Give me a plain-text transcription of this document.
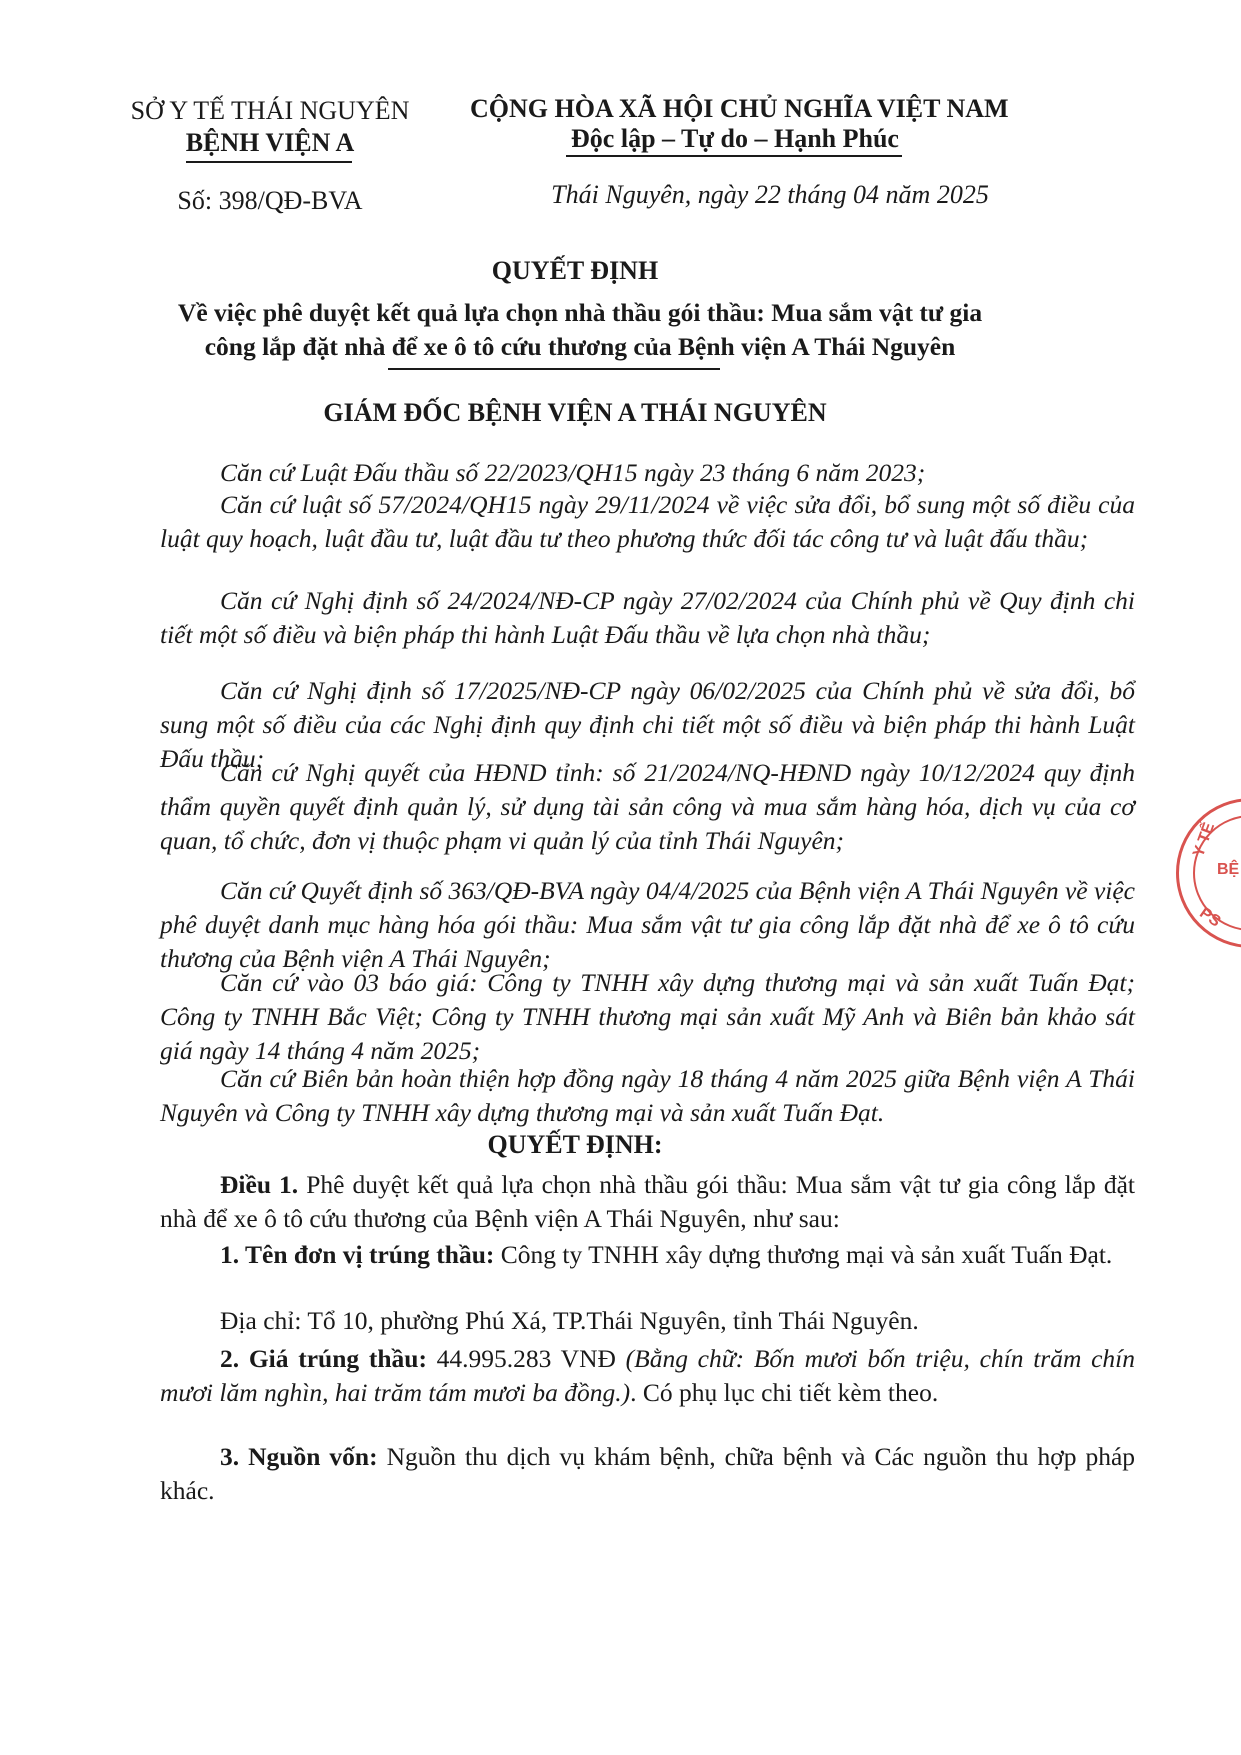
SỞ Y TẾ THÁI NGUYÊN
BỆNH VIỆN A
Số: 398/QĐ-BVA
CỘNG HÒA XÃ HỘI CHỦ NGHĨA VIỆT NAM
Độc lập – Tự do – Hạnh Phúc
Thái Nguyên, ngày 22 tháng 04 năm 2025
QUYẾT ĐỊNH
Về việc phê duyệt kết quả lựa chọn nhà thầu gói thầu: Mua sắm vật tư gia
công lắp đặt nhà để xe ô tô cứu thương của Bệnh viện A Thái Nguyên
GIÁM ĐỐC BỆNH VIỆN A THÁI NGUYÊN
Căn cứ Luật Đấu thầu số 22/2023/QH15 ngày 23 tháng 6 năm 2023;
Căn cứ luật số 57/2024/QH15 ngày 29/11/2024 về việc sửa đổi, bổ sung một số điều của luật quy hoạch, luật đầu tư, luật đầu tư theo phương thức đối tác công tư và luật đấu thầu;
Căn cứ Nghị định số 24/2024/NĐ-CP ngày 27/02/2024 của Chính phủ về Quy định chi tiết một số điều và biện pháp thi hành Luật Đấu thầu về lựa chọn nhà thầu;
Căn cứ Nghị định số 17/2025/NĐ-CP ngày 06/02/2025 của Chính phủ về sửa đổi, bổ sung một số điều của các Nghị định quy định chi tiết một số điều và biện pháp thi hành Luật Đấu thầu;
Căn cứ Nghị quyết của HĐND tỉnh: số 21/2024/NQ-HĐND ngày 10/12/2024 quy định thẩm quyền quyết định quản lý, sử dụng tài sản công và mua sắm hàng hóa, dịch vụ của cơ quan, tổ chức, đơn vị thuộc phạm vi quản lý của tỉnh Thái Nguyên;
Căn cứ Quyết định số 363/QĐ-BVA ngày 04/4/2025 của Bệnh viện A Thái Nguyên về việc phê duyệt danh mục hàng hóa gói thầu: Mua sắm vật tư gia công lắp đặt nhà để xe ô tô cứu thương của Bệnh viện A Thái Nguyên;
Căn cứ vào 03 báo giá: Công ty TNHH xây dựng thương mại và sản xuất Tuấn Đạt; Công ty TNHH Bắc Việt; Công ty TNHH thương mại sản xuất Mỹ Anh và Biên bản khảo sát giá ngày 14 tháng 4 năm 2025;
Căn cứ Biên bản hoàn thiện hợp đồng ngày 18 tháng 4 năm 2025 giữa Bệnh viện A Thái Nguyên và Công ty TNHH xây dựng thương mại và sản xuất Tuấn Đạt.
QUYẾT ĐỊNH:
Điều 1. Phê duyệt kết quả lựa chọn nhà thầu gói thầu: Mua sắm vật tư gia công lắp đặt nhà để xe ô tô cứu thương của Bệnh viện A Thái Nguyên, như sau:
1. Tên đơn vị trúng thầu: Công ty TNHH xây dựng thương mại và sản xuất Tuấn Đạt.
Địa chỉ: Tổ 10, phường Phú Xá, TP.Thái Nguyên, tỉnh Thái Nguyên.
2. Giá trúng thầu: 44.995.283 VNĐ (Bằng chữ: Bốn mươi bốn triệu, chín trăm chín mươi lăm nghìn, hai trăm tám mươi ba đồng.). Có phụ lục chi tiết kèm theo.
3. Nguồn vốn: Nguồn thu dịch vụ khám bệnh, chữa bệnh và Các nguồn thu hợp pháp khác.
Y TẾ
BỆ
PS
